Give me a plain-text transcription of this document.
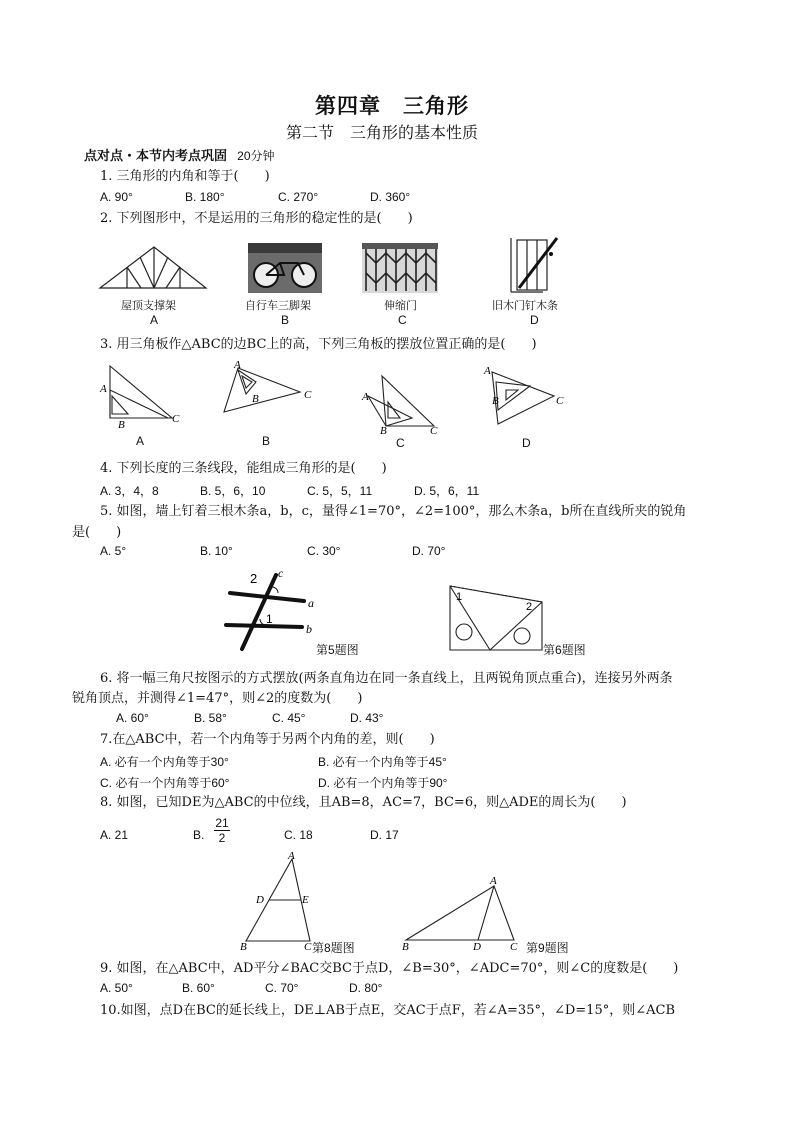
第四章　三角形
第二节　三角形的基本性质
点对点・本节内考点巩固 20分钟
1. 三角形的内角和等于(　　)
A. 90°	B. 180°	C. 270°	D. 360°
2. 下列图形中，不是运用的三角形的稳定性的是(　　)
屋顶支撑架	自行车三脚架	伸缩门	旧木门钉木条
A	B	C	D
3. 用三角板作△ABC的边BC上的高，下列三角板的摆放位置正确的是(　　)
A
B	C
A
B	C	A
B	C
A
B	C
A	B	C	D
4. 下列长度的三条线段，能组成三角形的是(　　)
A. 3，4，8	B. 5，6，10	C. 5，5，11	D. 5，6，11
5. 如图，墙上钉着三根木条a，b，c，量得∠1=70°，∠2=100°，那么木条a，b所在直线所夹的锐角
是(　　)
A. 5°	B. 10°	C. 30°	D. 70°
2
1
c
a
b
第5题图
1
2
第6题图
6. 将一幅三角尺按图示的方式摆放(两条直角边在同一条直线上，且两锐角顶点重合)，连接另外两条
锐角顶点，并测得∠1=47°，则∠2的度数为(　　)
A. 60°	B. 58°	C. 45°	D. 43°
7.在△ABC中，若一个内角等于另两个内角的差，则(　　)
A. 必有一个内角等于30°	B. 必有一个内角等于45°
C. 必有一个内角等于60°	D. 必有一个内角等于90°
8. 如图，已知DE为△ABC的中位线，且AB=8，AC=7，BC=6，则△ADE的周长为(　　)
A. 21	B. $\frac{21}{2}$	C. 18	D. 17
A
D	E
B	C 第8题图
A
B	D	C 第9题图
9. 如图，在△ABC中，AD平分∠BAC交BC于点D，∠B=30°，∠ADC=70°，则∠C的度数是(　　)
A. 50°	B. 60°	C. 70°	D. 80°
10.如图，点D在BC的延长线上，DE⊥AB于点E，交AC于点F，若∠A=35°，∠D=15°，则∠ACB
